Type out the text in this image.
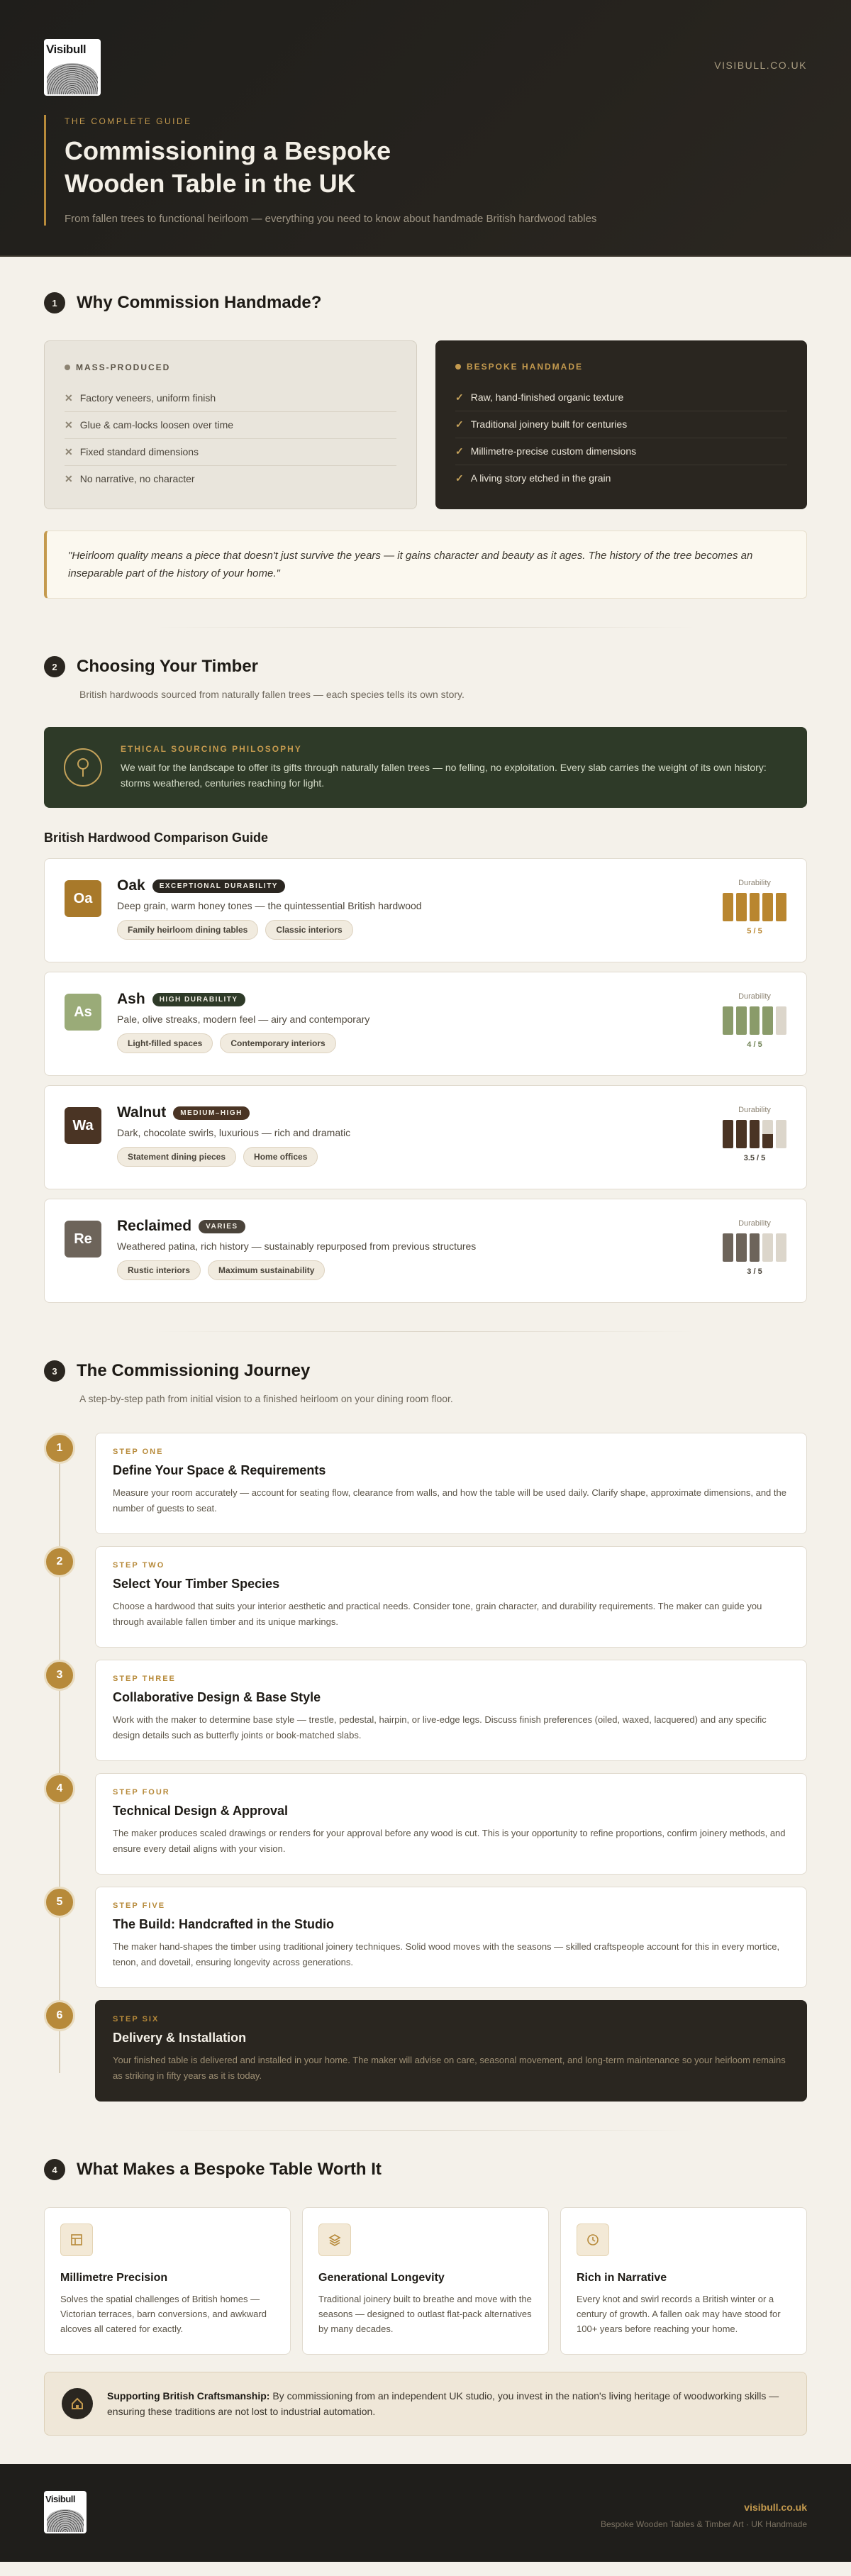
Visibull
VISIBULL.CO.UK
THE COMPLETE GUIDE
Commissioning a Bespoke Wooden Table in the UK

From fallen trees to functional heirloom — everything you need to know about handmade British hardwood tables

1	Why Commission Handmade?
MASS-PRODUCED
✕ Factory veneers, uniform finish
✕ Glue & cam-locks loosen over time
✕ Fixed standard dimensions
✕ No narrative, no character
BESPOKE HANDMADE
✓ Raw, hand-finished organic texture
✓ Traditional joinery built for centuries
✓ Millimetre-precise custom dimensions
✓ A living story etched in the grain
"Heirloom quality means a piece that doesn't just survive the years — it gains character and beauty as it ages. The history of the tree becomes an inseparable part of the history of your home."
2	Choosing Your Timber
British hardwoods sourced from naturally fallen trees — each species tells its own story.
ETHICAL SOURCING PHILOSOPHY

We wait for the landscape to offer its gifts through naturally fallen trees — no felling, no exploitation. Every slab carries the weight of its own history: storms weathered, centuries reaching for light.

British Hardwood Comparison Guide
Oa
Oak	EXCEPTIONAL DURABILITY
Deep grain, warm honey tones — the quintessential British hardwood
Family heirloom dining tables	Classic interiors
Durability
5 / 5
As
Ash	HIGH DURABILITY
Pale, olive streaks, modern feel — airy and contemporary
Light-filled spaces	Contemporary interiors
Durability
4 / 5
Wa
Walnut	MEDIUM–HIGH
Dark, chocolate swirls, luxurious — rich and dramatic
Statement dining pieces	Home offices
Durability
3.5 / 5
Re
Reclaimed	VARIES
Weathered patina, rich history — sustainably repurposed from previous structures
Rustic interiors	Maximum sustainability
Durability
3 / 5
3	The Commissioning Journey
A step-by-step path from initial vision to a finished heirloom on your dining room floor.
1	STEP ONE
Define Your Space & Requirements
Measure your room accurately — account for seating flow, clearance from walls, and how the table will be used daily. Clarify shape, approximate dimensions, and the number of guests to seat.
2	STEP TWO
Select Your Timber Species
Choose a hardwood that suits your interior aesthetic and practical needs. Consider tone, grain character, and durability requirements. The maker can guide you through available fallen timber and its unique markings.
3	STEP THREE
Collaborative Design & Base Style
Work with the maker to determine base style — trestle, pedestal, hairpin, or live-edge legs. Discuss finish preferences (oiled, waxed, lacquered) and any specific design details such as butterfly joints or book-matched slabs.
4	STEP FOUR
Technical Design & Approval
The maker produces scaled drawings or renders for your approval before any wood is cut. This is your opportunity to refine proportions, confirm joinery methods, and ensure every detail aligns with your vision.
5	STEP FIVE
The Build: Handcrafted in the Studio
The maker hand-shapes the timber using traditional joinery techniques. Solid wood moves with the seasons — skilled craftspeople account for this in every mortice, tenon, and dovetail, ensuring longevity across generations.
6	STEP SIX
Delivery & Installation
Your finished table is delivered and installed in your home. The maker will advise on care, seasonal movement, and long-term maintenance so your heirloom remains as striking in fifty years as it is today.
4	What Makes a Bespoke Table Worth It
Millimetre Precision
Solves the spatial challenges of British homes — Victorian terraces, barn conversions, and awkward alcoves all catered for exactly.
Generational Longevity
Traditional joinery built to breathe and move with the seasons — designed to outlast flat-pack alternatives by many decades.
Rich in Narrative
Every knot and swirl records a British winter or a century of growth. A fallen oak may have stood for 100+ years before reaching your home.

Supporting British Craftsmanship: By commissioning from an independent UK studio, you invest in the nation's living heritage of woodworking skills — ensuring these traditions are not lost to industrial automation.

Visibull
visibull.co.uk
Bespoke Wooden Tables & Timber Art · UK Handmade
